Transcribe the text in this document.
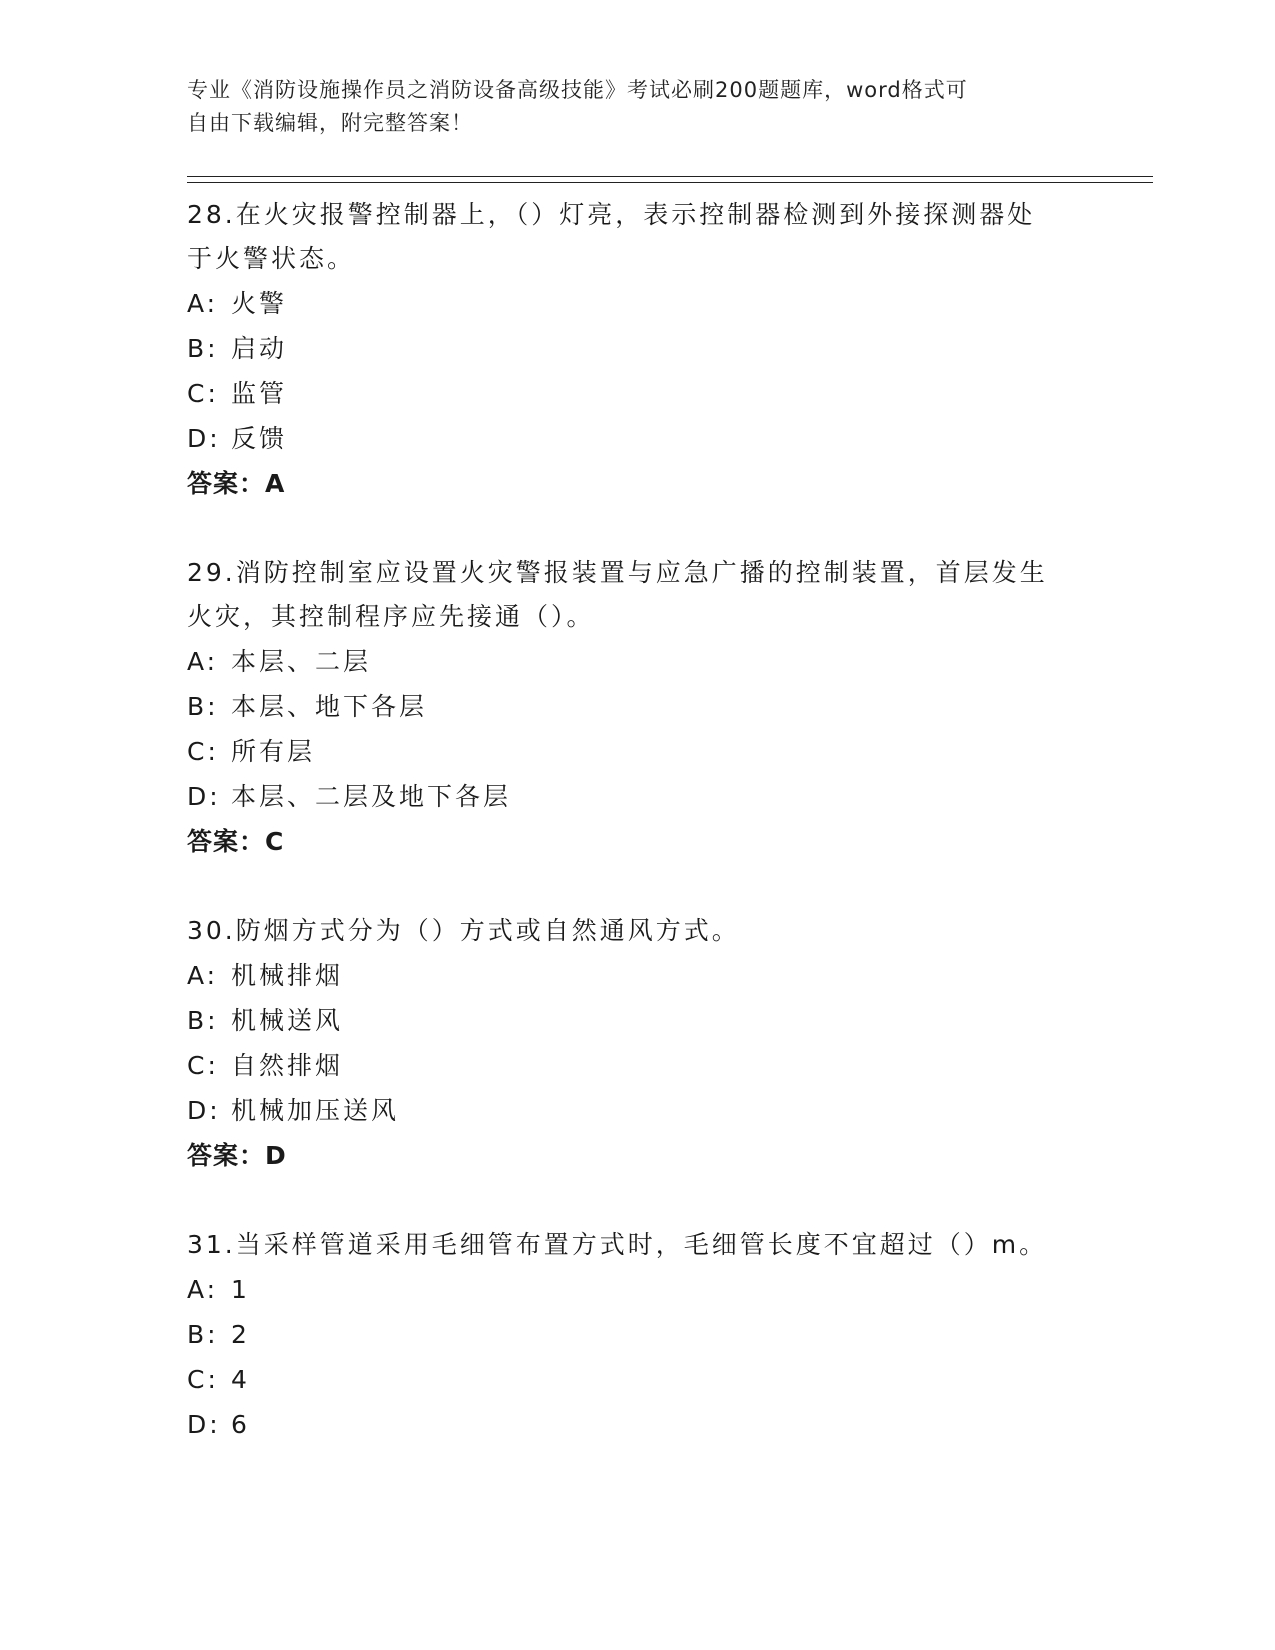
专业《消防设施操作员之消防设备高级技能》考试必刷200题题库，word格式可
自由下载编辑，附完整答案！

28.在火灾报警控制器上，（）灯亮，表示控制器检测到外接探测器处
于火警状态。

A: 火警

B: 启动

C: 监管

D: 反馈

答案：A

29.消防控制室应设置火灾警报装置与应急广播的控制装置，首层发生
火灾，其控制程序应先接通（）。

A: 本层、二层

B: 本层、地下各层

C: 所有层

D: 本层、二层及地下各层

答案：C

30.防烟方式分为（）方式或自然通风方式。

A: 机械排烟

B: 机械送风

C: 自然排烟

D: 机械加压送风

答案：D

31.当采样管道采用毛细管布置方式时，毛细管长度不宜超过（）m。

A: 1

B: 2

C: 4

D: 6
